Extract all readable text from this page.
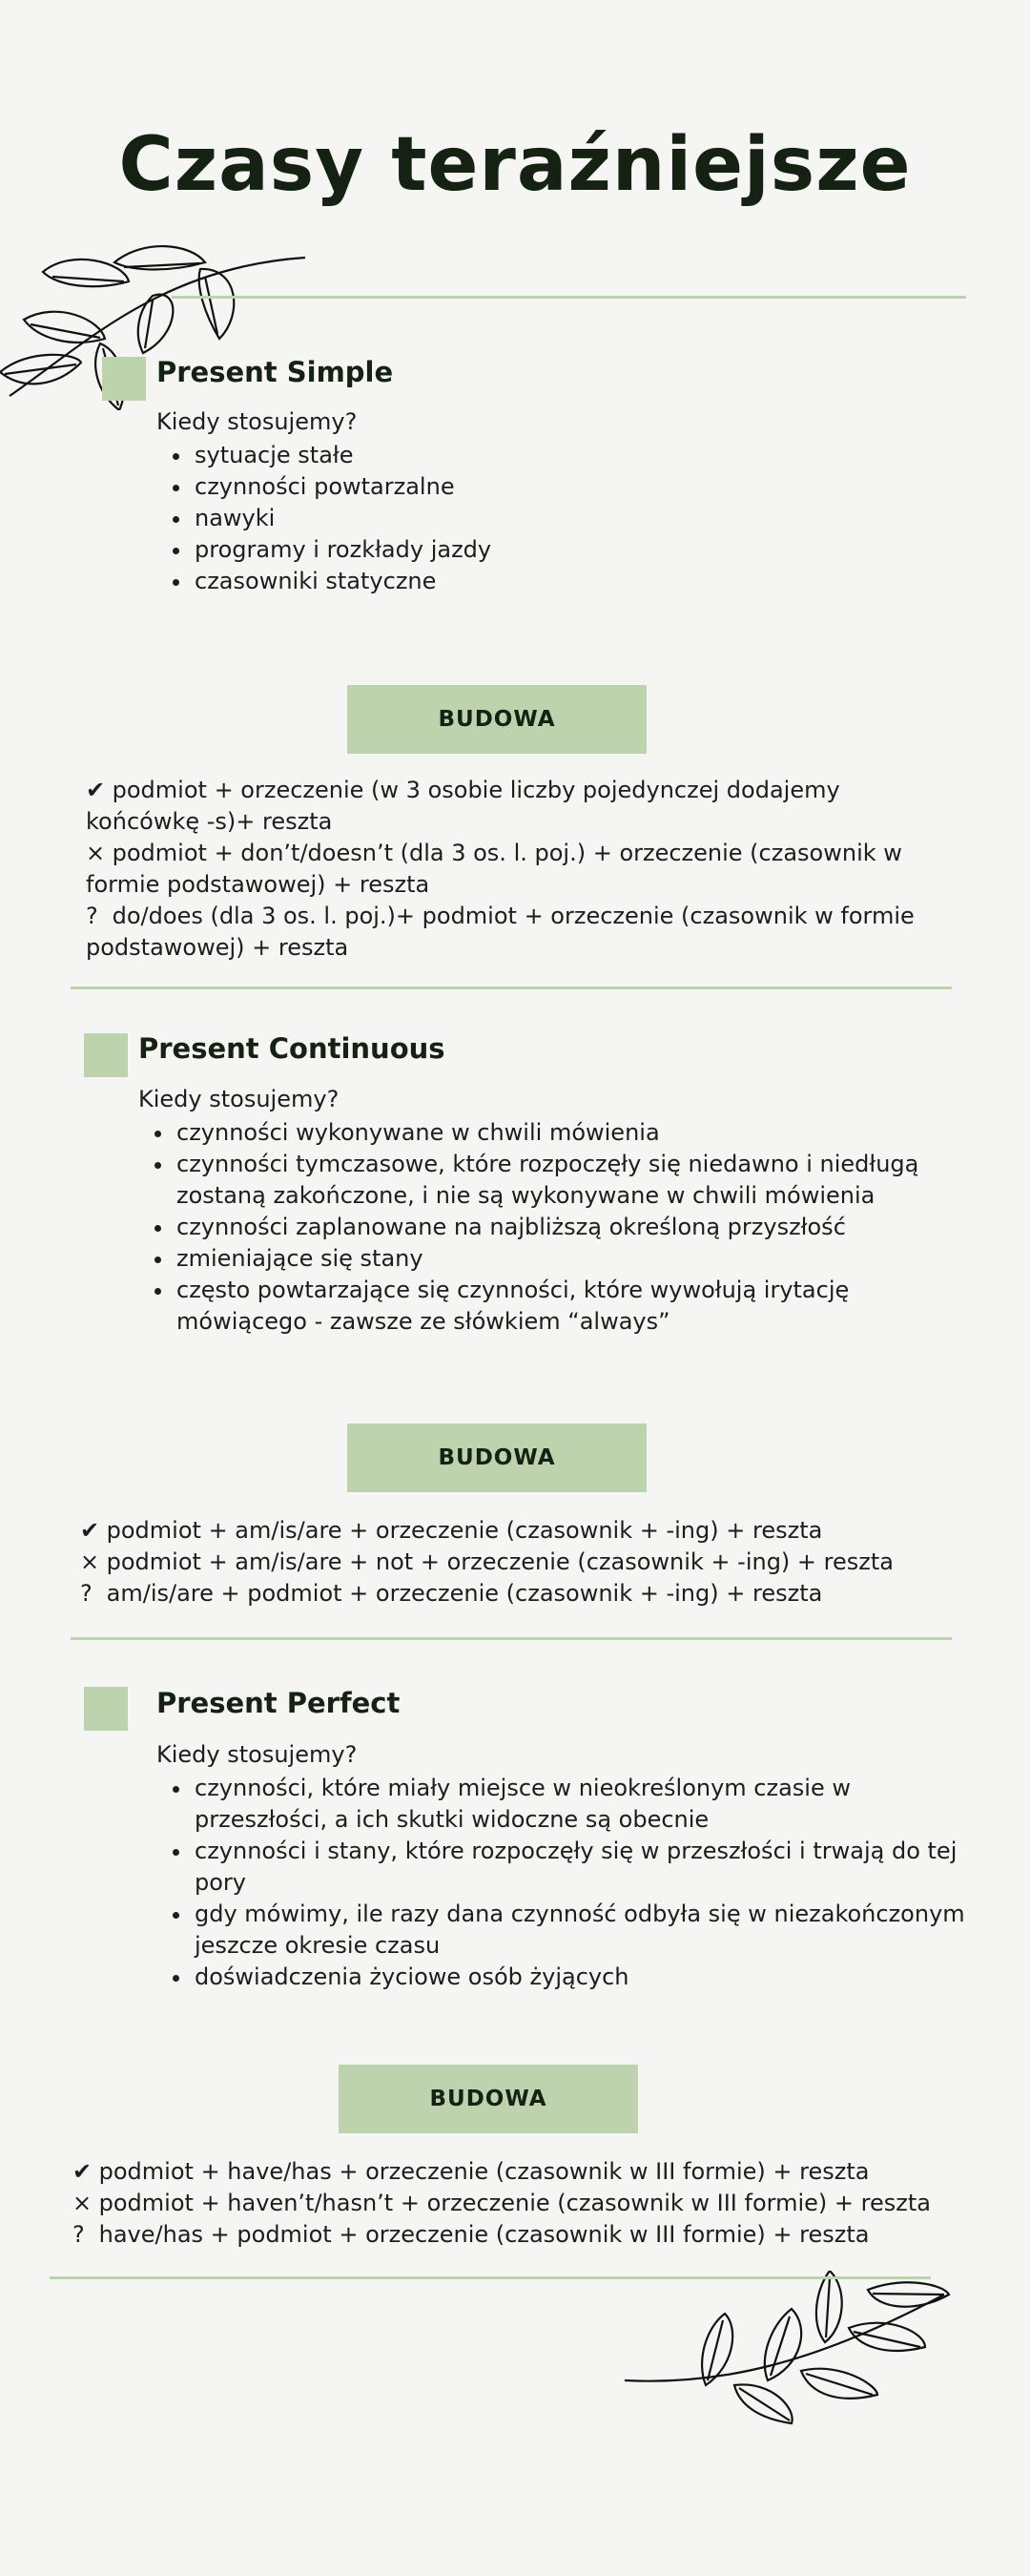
Czasy teraźniejsze
Present Simple
Kiedy stosujemy?
• sytuacje stałe
• czynności powtarzalne
• nawyki
• programy i rozkłady jazdy
• czasowniki statyczne
BUDOWA
✔ podmiot + orzeczenie (w 3 osobie liczby pojedynczej dodajemy końcówkę -s)+ reszta
× podmiot + don’t/doesn’t (dla 3 os. l. poj.) + orzeczenie (czasownik w formie podstawowej) + reszta
? do/does (dla 3 os. l. poj.)+ podmiot + orzeczenie (czasownik w formie podstawowej) + reszta
Present Continuous
Kiedy stosujemy?
• czynności wykonywane w chwili mówienia
• czynności tymczasowe, które rozpoczęły się niedawno i niedługą zostaną zakończone, i nie są wykonywane w chwili mówienia
• czynności zaplanowane na najbliższą określoną przyszłość
• zmieniające się stany
• często powtarzające się czynności, które wywołują irytację mówiącego - zawsze ze słówkiem “always”
BUDOWA
✔ podmiot + am/is/are + orzeczenie (czasownik + -ing) + reszta
× podmiot + am/is/are + not + orzeczenie (czasownik + -ing) + reszta
? am/is/are + podmiot + orzeczenie (czasownik + -ing) + reszta
Present Perfect
Kiedy stosujemy?
• czynności, które miały miejsce w nieokreślonym czasie w przeszłości, a ich skutki widoczne są obecnie
• czynności i stany, które rozpoczęły się w przeszłości i trwają do tej pory
• gdy mówimy, ile razy dana czynność odbyła się w niezakończonym jeszcze okresie czasu
• doświadczenia życiowe osób żyjących
BUDOWA
✔ podmiot + have/has + orzeczenie (czasownik w III formie) + reszta
× podmiot + haven’t/hasn’t + orzeczenie (czasownik w III formie) + reszta
? have/has + podmiot + orzeczenie (czasownik w III formie) + reszta
